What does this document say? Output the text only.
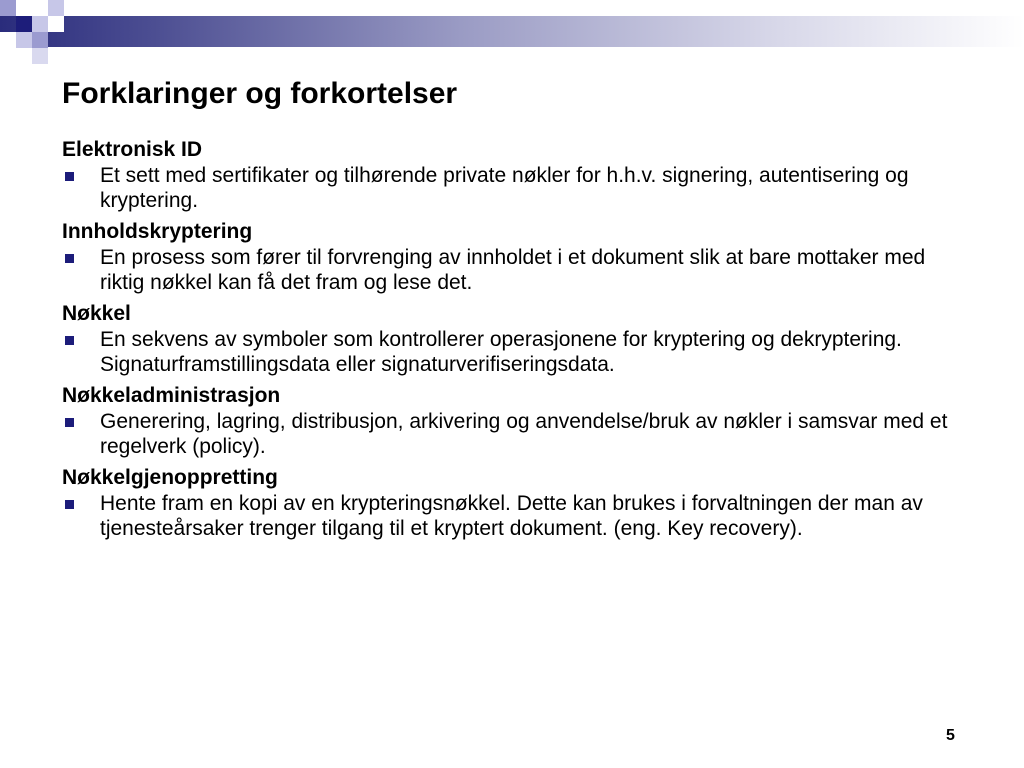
Forklaringer og forkortelser

Elektronisk ID

Et sett med sertifikater og tilhørende private nøkler for h.h.v. signering, autentisering og kryptering.

Innholdskryptering

En prosess som fører til forvrenging av innholdet i et dokument slik at bare mottaker med riktig nøkkel kan få det fram og lese det.

Nøkkel

En sekvens av symboler som kontrollerer operasjonene for kryptering og dekryptering. Signaturframstillingsdata eller signaturverifiseringsdata.

Nøkkeladministrasjon

Generering, lagring, distribusjon, arkivering og anvendelse/bruk av nøkler i samsvar med et regelverk (policy).

Nøkkelgjenoppretting

Hente fram en kopi av en krypteringsnøkkel. Dette kan brukes i forvaltningen der man av tjenesteårsaker trenger tilgang til et kryptert dokument. (eng. Key recovery).
5
